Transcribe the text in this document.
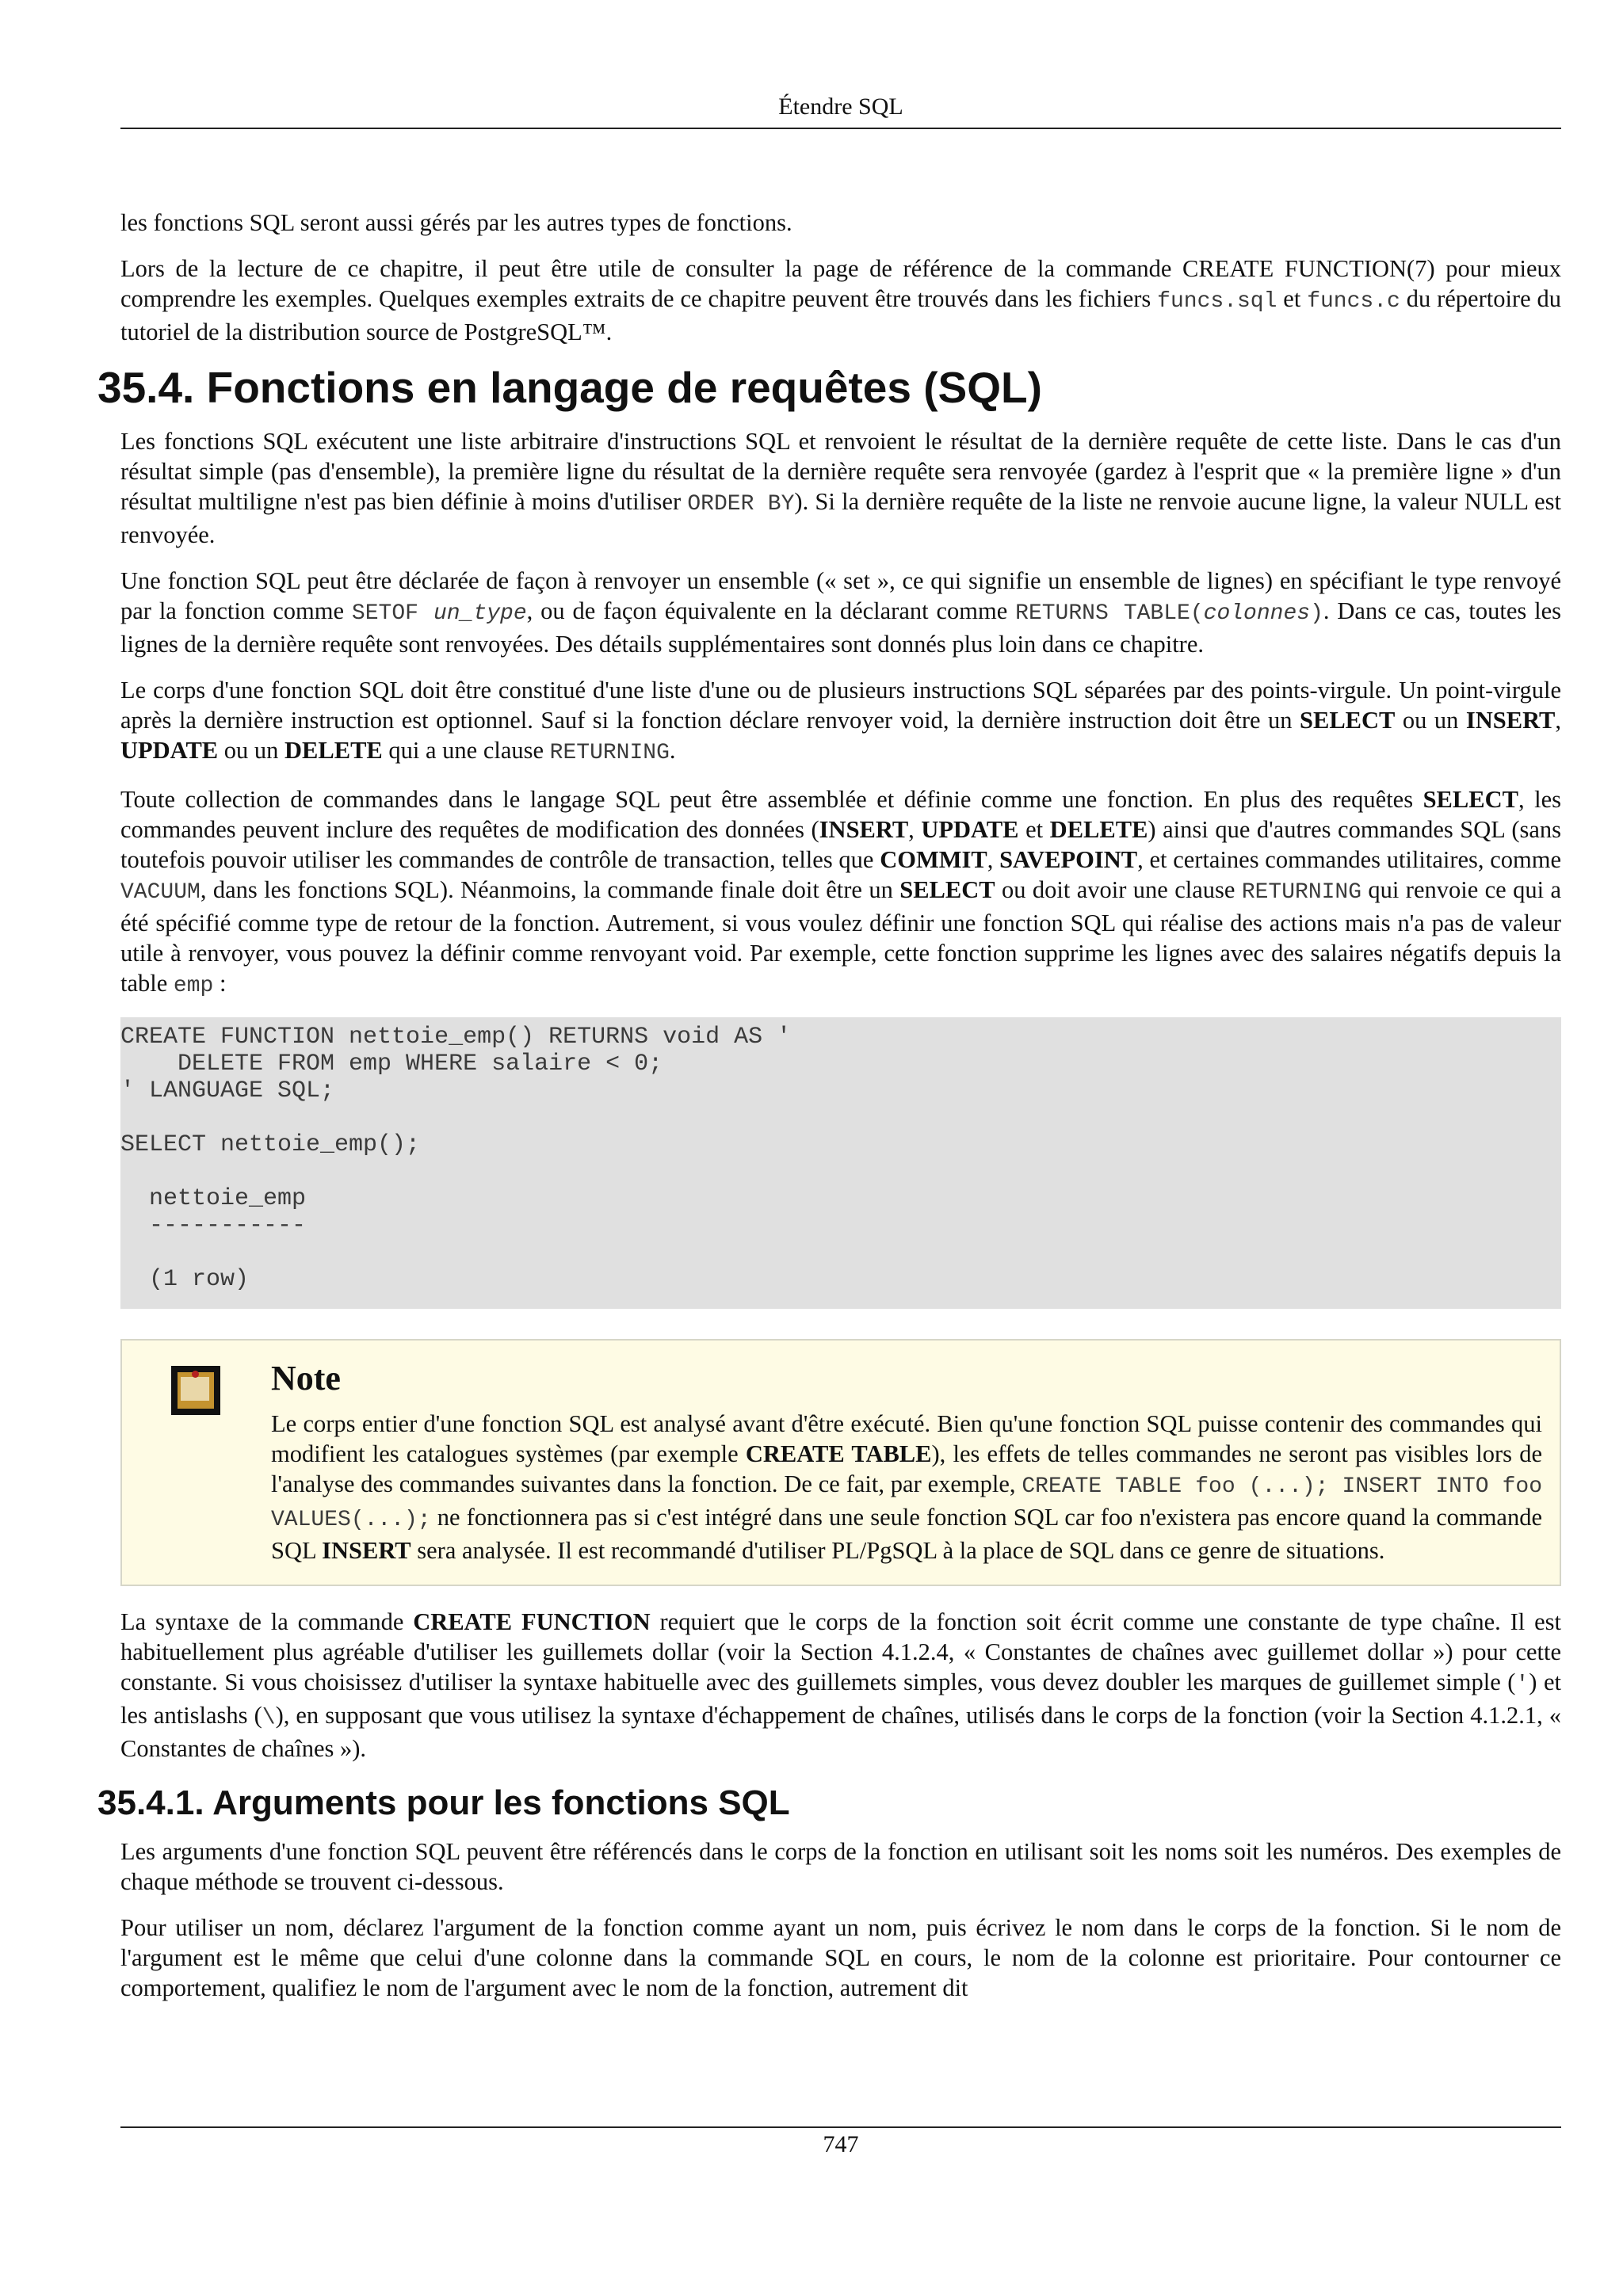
Étendre SQL

les fonctions SQL seront aussi gérés par les autres types de fonctions.

Lors de la lecture de ce chapitre, il peut être utile de consulter la page de référence de la commande CREATE FUNCTION(7) pour mieux comprendre les exemples. Quelques exemples extraits de ce chapitre peuvent être trouvés dans les fichiers funcs.sql et funcs.c du répertoire du tutoriel de la distribution source de PostgreSQL™.

35.4. Fonctions en langage de requêtes (SQL)

Les fonctions SQL exécutent une liste arbitraire d'instructions SQL et renvoient le résultat de la dernière requête de cette liste. Dans le cas d'un résultat simple (pas d'ensemble), la première ligne du résultat de la dernière requête sera renvoyée (gardez à l'esprit que « la première ligne » d'un résultat multiligne n'est pas bien définie à moins d'utiliser ORDER BY). Si la dernière requête de la liste ne renvoie aucune ligne, la valeur NULL est renvoyée.

Une fonction SQL peut être déclarée de façon à renvoyer un ensemble (« set », ce qui signifie un ensemble de lignes) en spécifiant le type renvoyé par la fonction comme SETOF un_type, ou de façon équivalente en la déclarant comme RETURNS TABLE(colonnes). Dans ce cas, toutes les lignes de la dernière requête sont renvoyées. Des détails supplémentaires sont donnés plus loin dans ce chapitre.

Le corps d'une fonction SQL doit être constitué d'une liste d'une ou de plusieurs instructions SQL séparées par des points-virgule. Un point-virgule après la dernière instruction est optionnel. Sauf si la fonction déclare renvoyer void, la dernière instruction doit être un SELECT ou un INSERT, UPDATE ou un DELETE qui a une clause RETURNING.

Toute collection de commandes dans le langage SQL peut être assemblée et définie comme une fonction. En plus des requêtes SELECT, les commandes peuvent inclure des requêtes de modification des données (INSERT, UPDATE et DELETE) ainsi que d'autres commandes SQL (sans toutefois pouvoir utiliser les commandes de contrôle de transaction, telles que COMMIT, SAVEPOINT, et certaines commandes utilitaires, comme VACUUM, dans les fonctions SQL). Néanmoins, la commande finale doit être un SELECT ou doit avoir une clause RETURNING qui renvoie ce qui a été spécifié comme type de retour de la fonction. Autrement, si vous voulez définir une fonction SQL qui réalise des actions mais n'a pas de valeur utile à renvoyer, vous pouvez la définir comme renvoyant void. Par exemple, cette fonction supprime les lignes avec des salaires négatifs depuis la table emp :

CREATE FUNCTION nettoie_emp() RETURNS void AS '
DELETE FROM emp WHERE salaire < 0;
' LANGUAGE SQL;
SELECT nettoie_emp();
nettoie_emp
-----------
(1 row)
Note

Le corps entier d'une fonction SQL est analysé avant d'être exécuté. Bien qu'une fonction SQL puisse contenir des commandes qui modifient les catalogues systèmes (par exemple CREATE TABLE), les effets de telles commandes ne seront pas visibles lors de l'analyse des commandes suivantes dans la fonction. De ce fait, par exemple, CREATE TABLE foo (...); INSERT INTO foo VALUES(...); ne fonctionnera pas si c'est intégré dans une seule fonction SQL car foo n'existera pas encore quand la commande SQL INSERT sera analysée. Il est recommandé d'utiliser PL/PgSQL à la place de SQL dans ce genre de situations.

La syntaxe de la commande CREATE FUNCTION requiert que le corps de la fonction soit écrit comme une constante de type chaîne. Il est habituellement plus agréable d'utiliser les guillemets dollar (voir la Section 4.1.2.4, « Constantes de chaînes avec guillemet dollar ») pour cette constante. Si vous choisissez d'utiliser la syntaxe habituelle avec des guillemets simples, vous devez doubler les marques de guillemet simple (') et les antislashs (\), en supposant que vous utilisez la syntaxe d'échappement de chaînes, utilisés dans le corps de la fonction (voir la Section 4.1.2.1, « Constantes de chaînes »).

35.4.1. Arguments pour les fonctions SQL

Les arguments d'une fonction SQL peuvent être référencés dans le corps de la fonction en utilisant soit les noms soit les numéros. Des exemples de chaque méthode se trouvent ci-dessous.

Pour utiliser un nom, déclarez l'argument de la fonction comme ayant un nom, puis écrivez le nom dans le corps de la fonction. Si le nom de l'argument est le même que celui d'une colonne dans la commande SQL en cours, le nom de la colonne est prioritaire. Pour contourner ce comportement, qualifiez le nom de l'argument avec le nom de la fonction, autrement dit

747
